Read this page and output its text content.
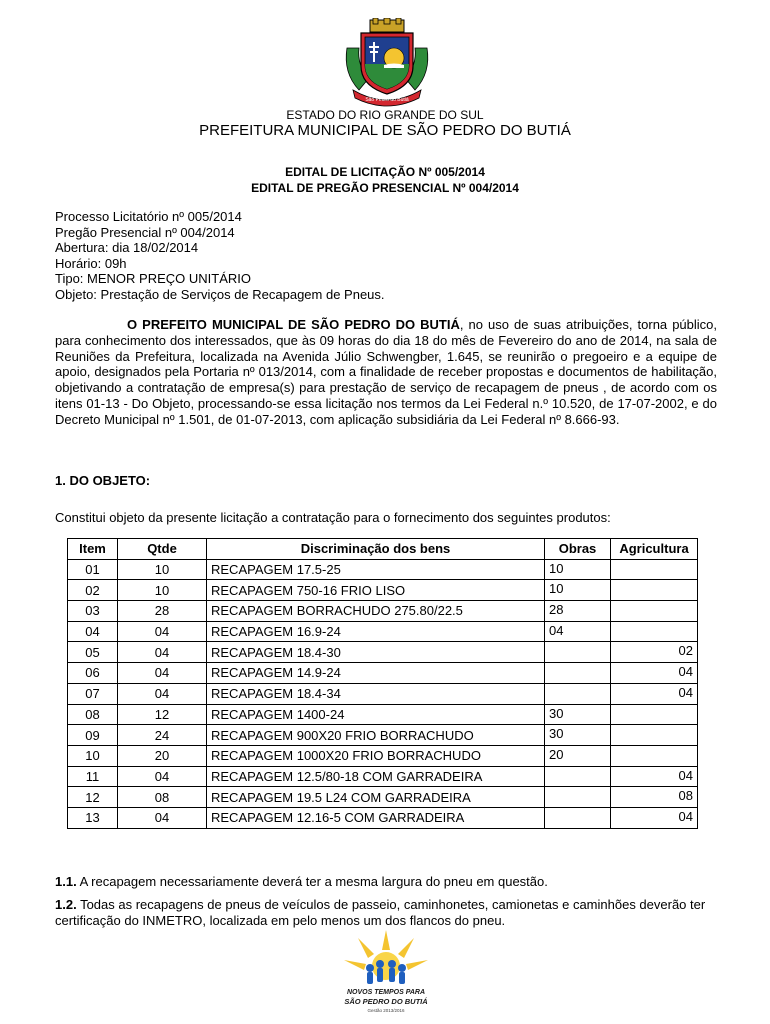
São Pedro do Butiá
ESTADO DO RIO GRANDE DO SUL
PREFEITURA MUNICIPAL DE SÃO PEDRO DO BUTIÁ
EDITAL DE LICITAÇÃO Nº 005/2014
EDITAL DE PREGÃO PRESENCIAL Nº 004/2014
Processo Licitatório nº 005/2014
Pregão Presencial nº 004/2014
Abertura: dia 18/02/2014
Horário: 09h
Tipo: MENOR PREÇO UNITÁRIO
Objeto: Prestação de Serviços de Recapagem de Pneus.
O PREFEITO MUNICIPAL DE SÃO PEDRO DO BUTIÁ, no uso de suas atribuições, torna público, para conhecimento dos interessados, que às 09 horas do dia 18 do mês de Fevereiro do ano de 2014, na sala de Reuniões da Prefeitura, localizada na Avenida Júlio Schwengber, 1.645, se reunirão o pregoeiro e a equipe de apoio, designados pela Portaria nº 013/2014, com a finalidade de receber propostas e documentos de habilitação, objetivando a contratação de empresa(s) para prestação de serviço de recapagem de pneus , de acordo com os itens 01-13 - Do Objeto, processando-se essa licitação nos termos da Lei Federal n.º 10.520, de 17-07-2002, e do Decreto Municipal nº 1.501, de 01-07-2013, com aplicação subsidiária da Lei Federal nº 8.666-93.
1. DO OBJETO:
Constitui objeto da presente licitação a contratação para o fornecimento dos seguintes produtos:
Item	Qtde	Discriminação dos bens	Obras	Agricultura
01	10	RECAPAGEM 17.5-25	10	
02	10	RECAPAGEM 750-16 FRIO LISO	10	
03	28	RECAPAGEM BORRACHUDO 275.80/22.5	28	
04	04	RECAPAGEM 16.9-24	04	
05	04	RECAPAGEM 18.4-30		02
06	04	RECAPAGEM 14.9-24		04
07	04	RECAPAGEM 18.4-34		04
08	12	RECAPAGEM 1400-24	30	
09	24	RECAPAGEM 900X20 FRIO BORRACHUDO	30	
10	20	RECAPAGEM 1000X20 FRIO BORRACHUDO	20	
11	04	RECAPAGEM 12.5/80-18 COM GARRADEIRA		04
12	08	RECAPAGEM 19.5 L24 COM GARRADEIRA		08
13	04	RECAPAGEM 12.16-5 COM GARRADEIRA		04
1.1. A recapagem necessariamente deverá ter a mesma largura do pneu em questão.
1.2. Todas as recapagens de pneus de veículos de passeio, caminhonetes, camionetas e caminhões deverão ter certificação do INMETRO, localizada em pelo menos um dos flancos do pneu.
NOVOS TEMPOS PARA
SÃO PEDRO DO BUTIÁ
Gestão 2013/2016
